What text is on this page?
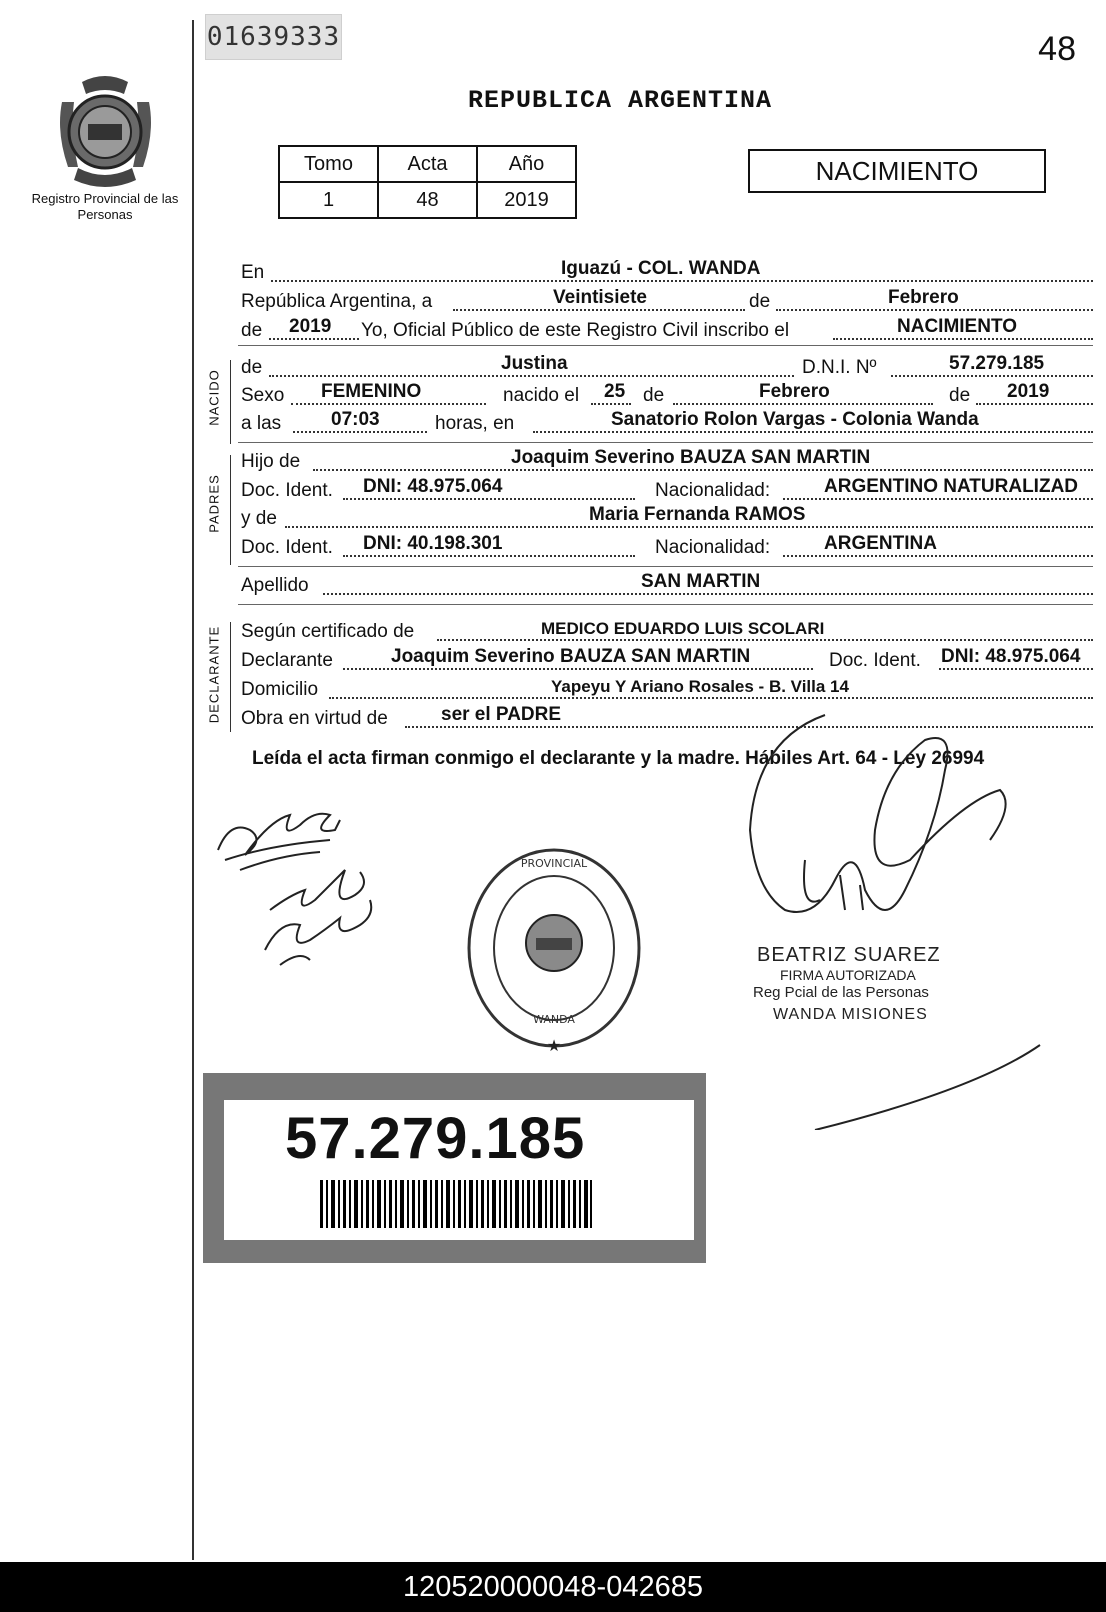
01639333	48
Registro Provincial de las Personas
REPUBLICA ARGENTINA
Tomo	Acta	Año
1	48	2019
NACIMIENTO
En	Iguazú - COL. WANDA
República Argentina, a	Veintisiete	de	Febrero
de 2019 Yo, Oficial Público de este Registro Civil inscribo el	NACIMIENTO
NACIDO
de	Justina	D.N.I. Nº	57.279.185
Sexo FEMENINO	nacido el 25 de	Febrero	de 2019
a las	07:03	horas, en	Sanatorio Rolon Vargas - Colonia Wanda
PADRES
Hijo de	Joaquim Severino BAUZA SAN MARTIN
Doc. Ident. DNI: 48.975.064	Nacionalidad:	ARGENTINO NATURALIZAD
y de	Maria Fernanda RAMOS
Doc. Ident. DNI: 40.198.301	Nacionalidad:	ARGENTINA
Apellido	SAN MARTIN
DECLARANTE Según certificado de	MEDICO EDUARDO LUIS SCOLARI
Declarante	Joaquim Severino BAUZA SAN MARTIN	Doc. Ident. DNI: 48.975.064
Domicilio	Yapeyu Y Ariano Rosales - B. Villa 14
Obra en virtud de	ser el PADRE
Leída el acta firman conmigo el declarante y la madre. Hábiles Art. 64 - Ley 26994
★
PROVINCIAL
WANDA
BEATRIZ SUAREZ
FIRMA AUTORIZADA
Reg Pcial de las Personas
WANDA MISIONES
57.279.185
120520000048-042685
